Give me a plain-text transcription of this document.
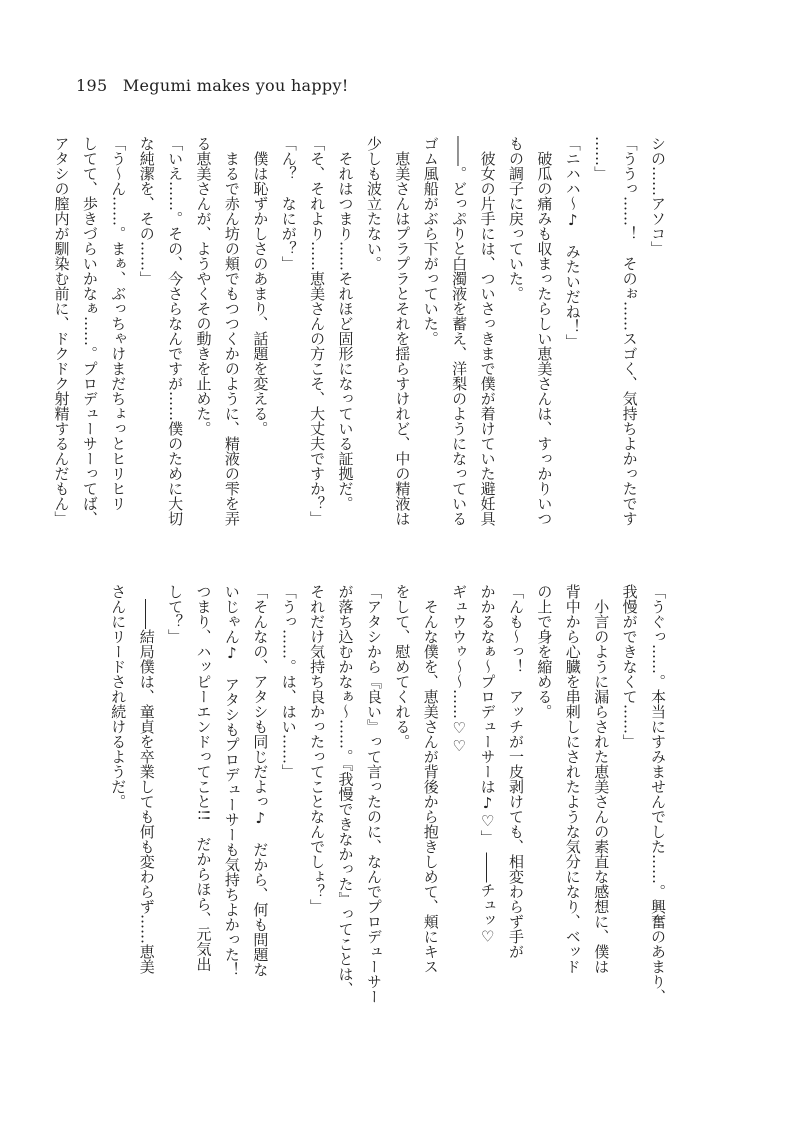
195 Megumi makes you happy!
シの……アソコ」
「ううっ……！　そのぉ……スゴく、気持ちよかったです
……」
「ニハハ〜♪　みたいだね！」
　破瓜の痛みも収まったらしい恵美さんは、すっかりいつ
もの調子に戻っていた。
　彼女の片手には、ついさっきまで僕が着けていた避妊具
――。どっぷりと白濁液を蓄え、洋梨のようになっている
ゴム風船がぶら下がっていた。
　恵美さんはプラプラとそれを揺らすけれど、中の精液は
少しも波立たない。
　それはつまり……それほど固形になっている証拠だ。
「そ、それより……恵美さんの方こそ、大丈夫ですか？」
「ん？　なにが？」
　僕は恥ずかしさのあまり、話題を変える。
　まるで赤ん坊の頬でもつつくかのように、精液の雫を弄
る恵美さんが、ようやくその動きを止めた。
「いえ……。その、今さらなんですが……僕のために大切
な純潔を、その……」
「う〜ん……。まぁ、ぶっちゃけまだちょっとヒリヒリ
してて、歩きづらいかなぁ……。プロデューサーってば、
アタシの膣内が馴染む前に、ドクドク射精するんだもん」
「うぐっ……。本当にすみませんでした……。興奮のあまり、
我慢ができなくて……」
　小言のように漏らされた恵美さんの素直な感想に、僕は
背中から心臓を串刺しにされたような気分になり、ベッド
の上で身を縮める。
「んも〜っ！　アッチが一皮剥けても、相変わらず手が
かかるなぁ〜プロデューサーは♪♡」　――チュッ♡
ギュウウゥ〜〜……♡♡
　そんな僕を、恵美さんが背後から抱きしめて、頬にキス
をして、慰めてくれる。
「アタシから『良い』って言ったのに、なんでプロデューサー
が落ち込むかなぁ〜……。『我慢できなかった』ってことは、
それだけ気持ち良かったってことなんでしょ？」
「うっ……。は、はい……」
「そんなの、アタシも同じだよっ♪　だから、何も問題な
いじゃん♪　アタシもプロデューサーも気持ちよかった！
つまり、ハッピーエンドってこと!!　だからほら、元気出
して？」
　――結局僕は、童貞を卒業しても何も変わらず……恵美
さんにリードされ続けるようだ。
